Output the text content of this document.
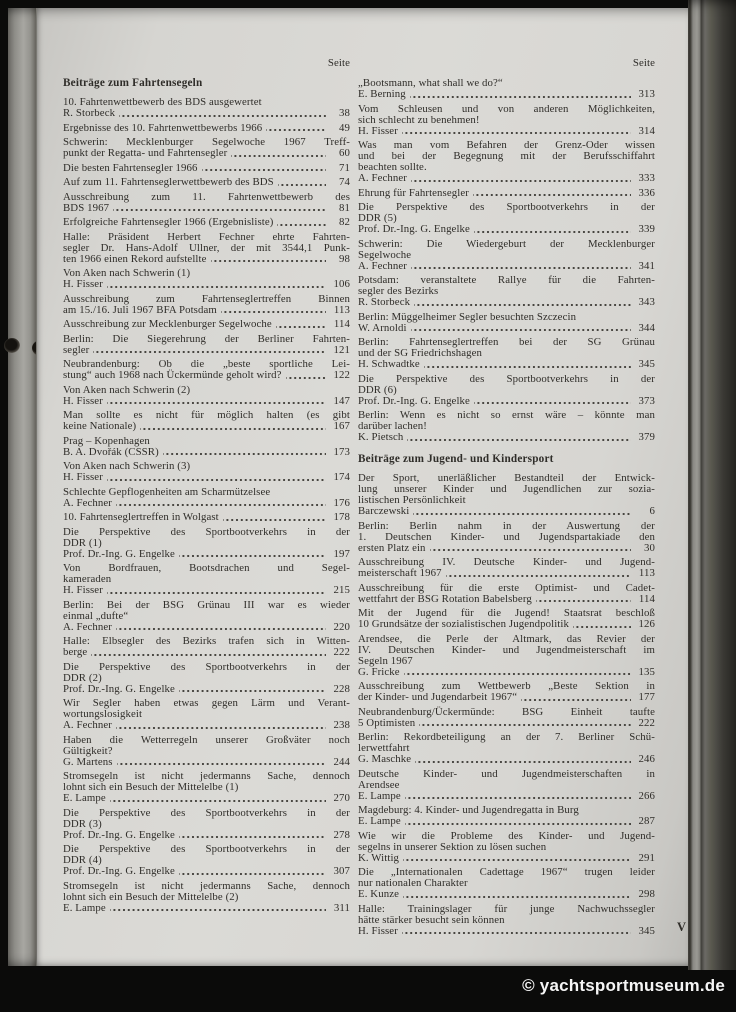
Seite
Beiträge zum Fahrtensegeln
10. Fahrtenwettbewerb des BDS ausgewertet
R. Storbeck	38
Ergebnisse des 10. Fahrtenwettbewerbs 1966	49
Schwerin: Mecklenburger Segelwoche 1967 Treff-
punkt der Regatta- und Fahrtensegler	60
Die besten Fahrtensegler 1966	71
Auf zum 11. Fahrtenseglerwettbewerb des BDS	74
Ausschreibung zum 11. Fahrtenwettbewerb des
BDS 1967	81
Erfolgreiche Fahrtensegler 1966 (Ergebnisliste)	82
Halle: Präsident Herbert Fechner ehrte Fahrten-
segler Dr. Hans-Adolf Ullner, der mit 3544,1 Punk-
ten 1966 einen Rekord aufstellte	98
Von Aken nach Schwerin (1)
H. Fisser	106
Ausschreibung zum Fahrtenseglertreffen Binnen
am 15./16. Juli 1967 BFA Potsdam	113
Ausschreibung zur Mecklenburger Segelwoche	114
Berlin: Die Siegerehrung der Berliner Fahrten-
segler	121
Neubrandenburg: Ob die „beste sportliche Lei-
stung“ auch 1968 nach Ückermünde geholt wird?	122
Von Aken nach Schwerin (2)
H. Fisser	147
Man sollte es nicht für möglich halten (es gibt
keine Nationale)	167
Prag – Kopenhagen
B. A. Dvořák (CSSR)	173
Von Aken nach Schwerin (3)
H. Fisser	174
Schlechte Gepflogenheiten am Scharmützelsee
A. Fechner	176
10. Fahrtenseglertreffen in Wolgast	178
Die Perspektive des Sportbootverkehrs in der
DDR (1)
Prof. Dr.-Ing. G. Engelke	197
Von Bordfrauen, Bootsdrachen und Segel-
kameraden
H. Fisser	215
Berlin: Bei der BSG Grünau III war es wieder
einmal „dufte“
A. Fechner	220
Halle: Elbsegler des Bezirks trafen sich in Witten-
berge	222
Die Perspektive des Sportbootverkehrs in der
DDR (2)
Prof. Dr.-Ing. G. Engelke	228
Wir Segler haben etwas gegen Lärm und Verant-
wortungslosigkeit
A. Fechner	238
Haben die Wetterregeln unserer Großväter noch
Gültigkeit?
G. Martens	244
Stromsegeln ist nicht jedermanns Sache, dennoch
lohnt sich ein Besuch der Mittelelbe (1)
E. Lampe	270
Die Perspektive des Sportbootverkehrs in der
DDR (3)
Prof. Dr.-Ing. G. Engelke	278
Die Perspektive des Sportbootverkehrs in der
DDR (4)
Prof. Dr.-Ing. G. Engelke	307
Stromsegeln ist nicht jedermanns Sache, dennoch
lohnt sich ein Besuch der Mittelelbe (2)
E. Lampe	311
Seite
„Bootsmann, what shall we do?“
E. Berning	313
Vom Schleusen und von anderen Möglichkeiten,
sich schlecht zu benehmen!
H. Fisser	314
Was man vom Befahren der Grenz-Oder wissen
und bei der Begegnung mit der Berufsschiffahrt
beachten sollte.
A. Fechner	333
Ehrung für Fahrtensegler	336
Die Perspektive des Sportbootverkehrs in der
DDR (5)
Prof. Dr.-Ing. G. Engelke	339
Schwerin: Die Wiedergeburt der Mecklenburger
Segelwoche
A. Fechner	341
Potsdam: veranstaltete Rallye für die Fahrten-
segler des Bezirks
R. Storbeck	343
Berlin: Müggelheimer Segler besuchten Szczecin
W. Arnoldi	344
Berlin: Fahrtenseglertreffen bei der SG Grünau
und der SG Friedrichshagen
H. Schwadtke	345
Die Perspektive des Sportbootverkehrs in der
DDR (6)
Prof. Dr.-Ing. G. Engelke	373
Berlin: Wenn es nicht so ernst wäre – könnte man
darüber lachen!
K. Pietsch	379
Beiträge zum Jugend- und Kindersport
Der Sport, unerläßlicher Bestandteil der Entwick-
lung unserer Kinder und Jugendlichen zur sozia-
listischen Persönlichkeit
Barczewski	6
Berlin: Berlin nahm in der Auswertung der
1. Deutschen Kinder- und Jugendspartakiade den
ersten Platz ein	30
Ausschreibung IV. Deutsche Kinder- und Jugend-
meisterschaft 1967	113
Ausschreibung für die erste Optimist- und Cadet-
wettfahrt der BSG Rotation Babelsberg	114
Mit der Jugend für die Jugend! Staatsrat beschloß
10 Grundsätze der sozialistischen Jugendpolitik	126
Arendsee, die Perle der Altmark, das Revier der
IV. Deutschen Kinder- und Jugendmeisterschaft im
Segeln 1967
G. Fricke	135
Ausschreibung zum Wettbewerb „Beste Sektion in
der Kinder- und Jugendarbeit 1967“	177
Neubrandenburg/Ückermünde: BSG Einheit taufte
5 Optimisten	222
Berlin: Rekordbeteiligung an der 7. Berliner Schü-
lerwettfahrt
G. Maschke	246
Deutsche Kinder- und Jugendmeisterschaften in
Arendsee
E. Lampe	266
Magdeburg: 4. Kinder- und Jugendregatta in Burg
E. Lampe	287
Wie wir die Probleme des Kinder- und Jugend-
segelns in unserer Sektion zu lösen suchen
K. Wittig	291
Die „Internationalen Cadettage 1967“ trugen leider
nur nationalen Charakter
E. Kunze	298
Halle: Trainingslager für junge Nachwuchssegler
hätte stärker besucht sein können
H. Fisser	345 V
© yachtsportmuseum.de
